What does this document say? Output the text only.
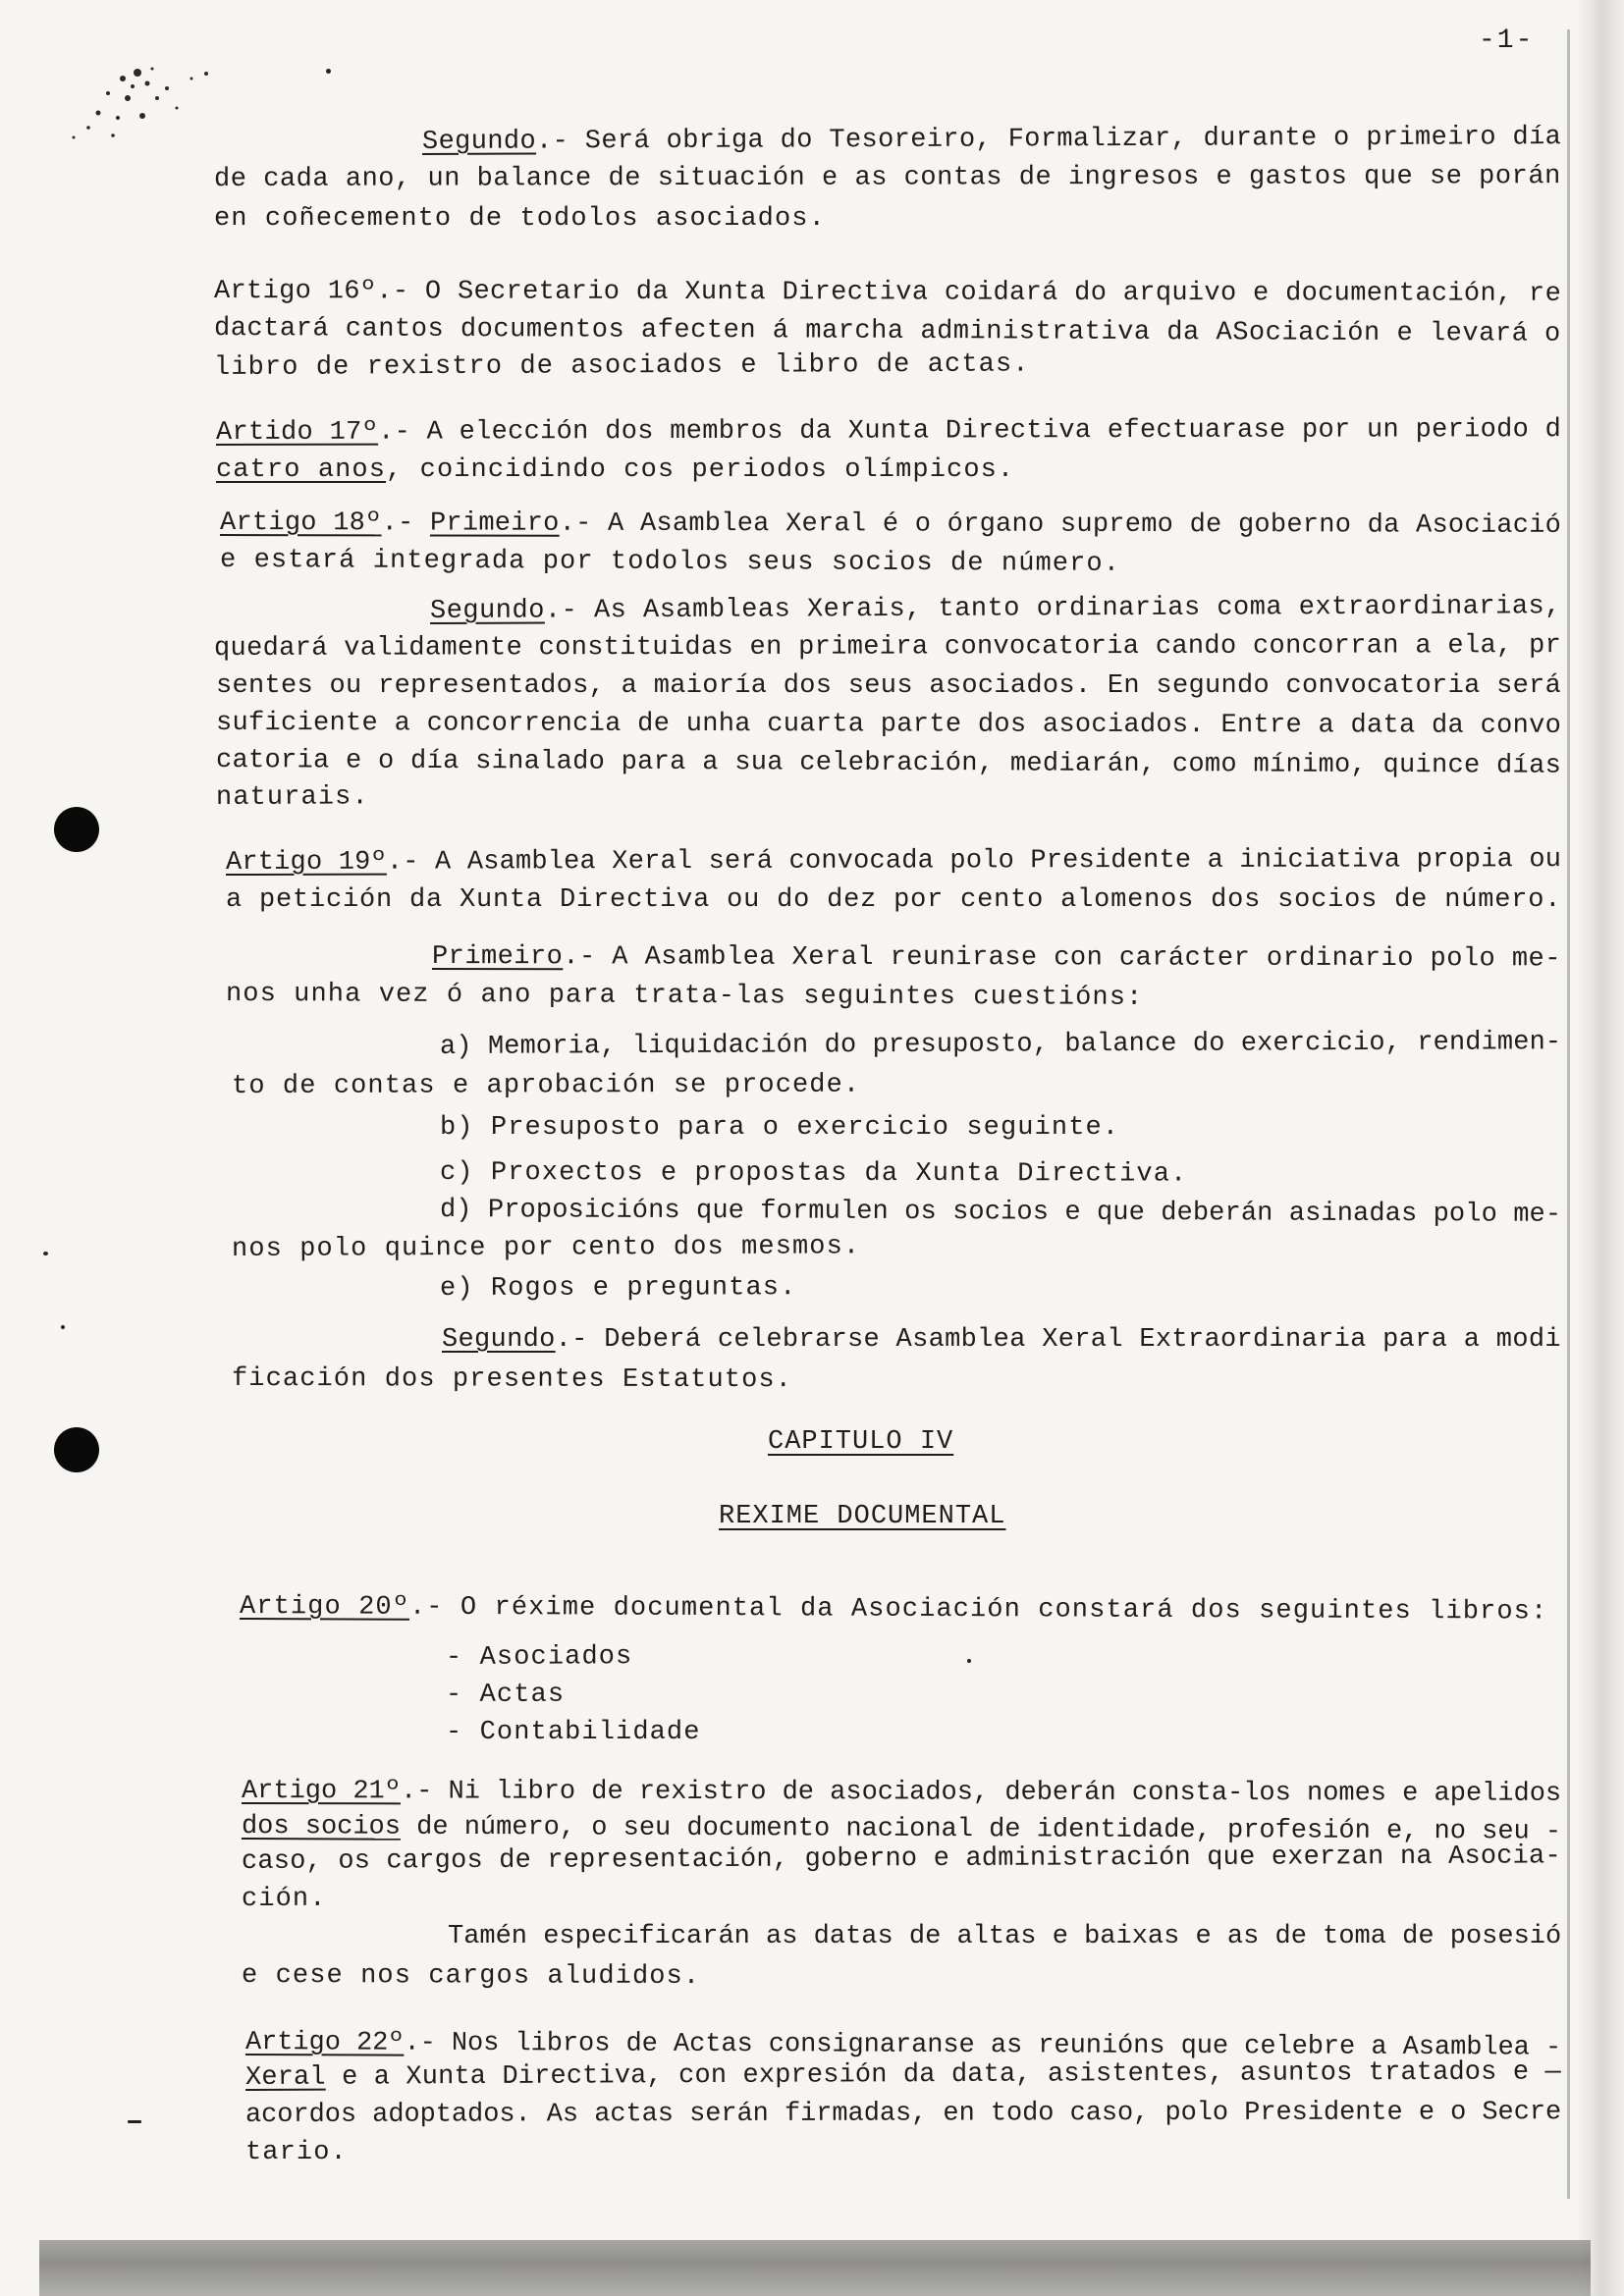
-1-
Segundo.- Será obriga do Tesoreiro, Formalizar, durante o primeiro día
de cada ano, un balance de situación e as contas de ingresos e gastos que se porán
en coñecemento de todolos asociados.
Artigo 16º.- O Secretario da Xunta Directiva coidará do arquivo e documentación, re
dactará cantos documentos afecten á marcha administrativa da ASociación e levará o
libro de rexistro de asociados e libro de actas.
Artido 17º.- A elección dos membros da Xunta Directiva efectuarase por un periodo d
catro anos, coincidindo cos periodos olímpicos.
Artigo 18º.- Primeiro.- A Asamblea Xeral é o órgano supremo de goberno da Asociació
e estará integrada por todolos seus socios de número.
Segundo.- As Asambleas Xerais, tanto ordinarias coma extraordinarias,
quedará validamente constituidas en primeira convocatoria cando concorran a ela, pr
sentes ou representados, a maioría dos seus asociados. En segundo convocatoria será
suficiente a concorrencia de unha cuarta parte dos asociados. Entre a data da convo
catoria e o día sinalado para a sua celebración, mediarán, como mínimo, quince días
naturais.
Artigo 19º.- A Asamblea Xeral será convocada polo Presidente a iniciativa propia ou
a petición da Xunta Directiva ou do dez por cento alomenos dos socios de número.
Primeiro.- A Asamblea Xeral reunirase con carácter ordinario polo me-
nos unha vez ó ano para trata-las seguintes cuestións:
a) Memoria, liquidación do presuposto, balance do exercicio, rendimen-
to de contas e aprobación se procede.
b) Presuposto para o exercicio seguinte.
c) Proxectos e propostas da Xunta Directiva.
d) Proposicións que formulen os socios e que deberán asinadas polo me-
nos polo quince por cento dos mesmos.
e) Rogos e preguntas.
Segundo.- Deberá celebrarse Asamblea Xeral Extraordinaria para a modi
ficación dos presentes Estatutos.
Artigo 20º.- O réxime documental da Asociación constará dos seguintes libros:
- Asociados
- Actas
- Contabilidade
Artigo 21º.- Ni libro de rexistro de asociados, deberán consta-los nomes e apelidos
dos socios de número, o seu documento nacional de identidade, profesión e, no seu -
caso, os cargos de representación, goberno e administración que exerzan na Asocia-
ción.
Tamén especificarán as datas de altas e baixas e as de toma de posesió
e cese nos cargos aludidos.
Artigo 22º.- Nos libros de Actas consignaranse as reunións que celebre a Asamblea -
Xeral e a Xunta Directiva, con expresión da data, asistentes, asuntos tratados e —
acordos adoptados. As actas serán firmadas, en todo caso, polo Presidente e o Secre
tario.
CAPITULO IV
REXIME DOCUMENTAL
